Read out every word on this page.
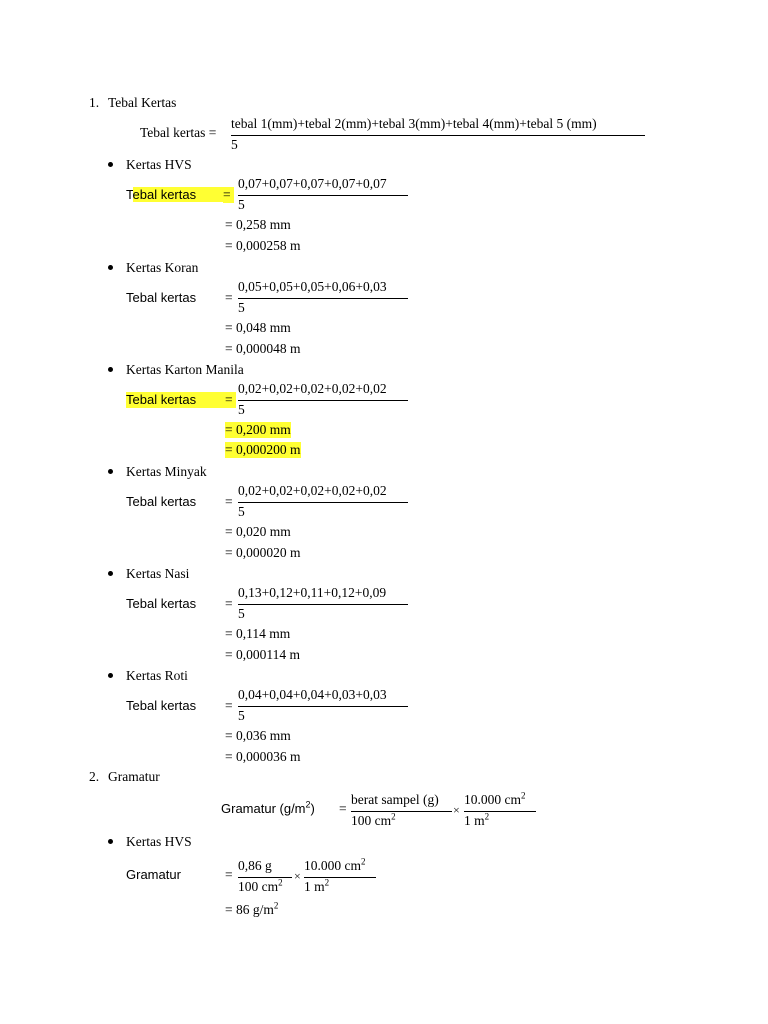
1. Tebal Kertas
Tebal kertas =
tebal 1(mm)+tebal 2(mm)+tebal 3(mm)+tebal 4(mm)+tebal 5 (mm)
5
Kertas HVS
Tebal kertas	=
0,07+0,07+0,07+0,07+0,07
5
= 0,258 mm
= 0,000258 m
Kertas Koran
Tebal kertas =
0,05+0,05+0,05+0,06+0,03
5
= 0,048 mm
= 0,000048 m
Kertas Karton Manila
Tebal kertas	=
0,02+0,02+0,02+0,02+0,02
5
= 0,200 mm
= 0,000200 m
Kertas Minyak
Tebal kertas =
0,02+0,02+0,02+0,02+0,02
5
= 0,020 mm
= 0,000020 m
Kertas Nasi
Tebal kertas =
0,13+0,12+0,11+0,12+0,09
5
= 0,114 mm
= 0,000114 m
Kertas Roti
Tebal kertas =
0,04+0,04+0,04+0,03+0,03
5
= 0,036 mm
= 0,000036 m
2. Gramatur
Gramatur $(g/m^2)$ =
berat sampel (g)
100 $cm^2$	×
10.000 $cm^2$
1 $m^2$
Kertas HVS
Gramatur	=
0,86 g
100 $cm^2$ ×
10.000 $cm^2$
1 $m^2$
= 86 $g/m^2$
